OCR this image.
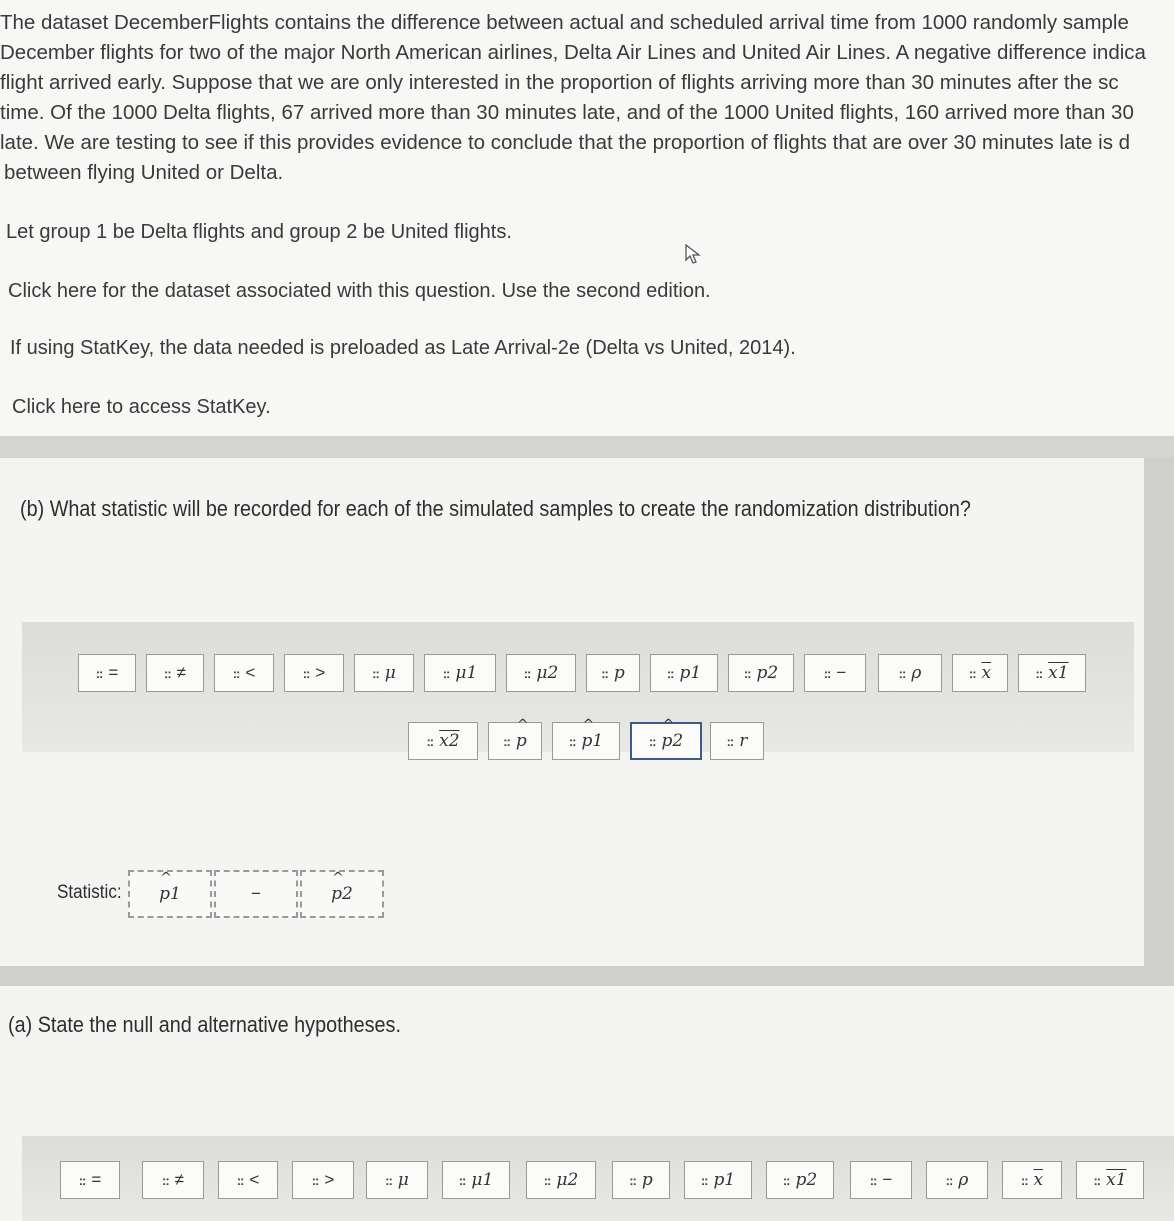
The dataset DecemberFlights contains the difference between actual and scheduled arrival time from 1000 randomly sample
December flights for two of the major North American airlines, Delta Air Lines and United Air Lines. A negative difference indica
flight arrived early. Suppose that we are only interested in the proportion of flights arriving more than 30 minutes after the sc
time. Of the 1000 Delta flights, 67 arrived more than 30 minutes late, and of the 1000 United flights, 160 arrived more than 30
late. We are testing to see if this provides evidence to conclude that the proportion of flights that are over 30 minutes late is d
between flying United or Delta.
Let group 1 be Delta flights and group 2 be United flights.
Click here for the dataset associated with this question. Use the second edition.
If using StatKey, the data needed is preloaded as Late Arrival-2e (Delta vs United, 2014).
Click here to access StatKey.
(b) What statistic will be recorded for each of the simulated samples to create the randomization distribution?
:: =	:: ≠	:: <	:: >	:: μ	:: μ1	:: μ2	:: p	:: p1	:: p2	:: −	:: ρ	:: $\overline{x}$	:: x1
:: x2	:: ^ p	:: ^ p1	:: ^ p2	:: r
Statistic: ^ p1	−	^ p2
(a) State the null and alternative hypotheses.
:: =	:: ≠	:: <	:: >	:: μ	:: μ1	:: μ2	:: p	:: p1	:: p2	:: −	:: ρ	:: $\overline{x}$	:: x1
